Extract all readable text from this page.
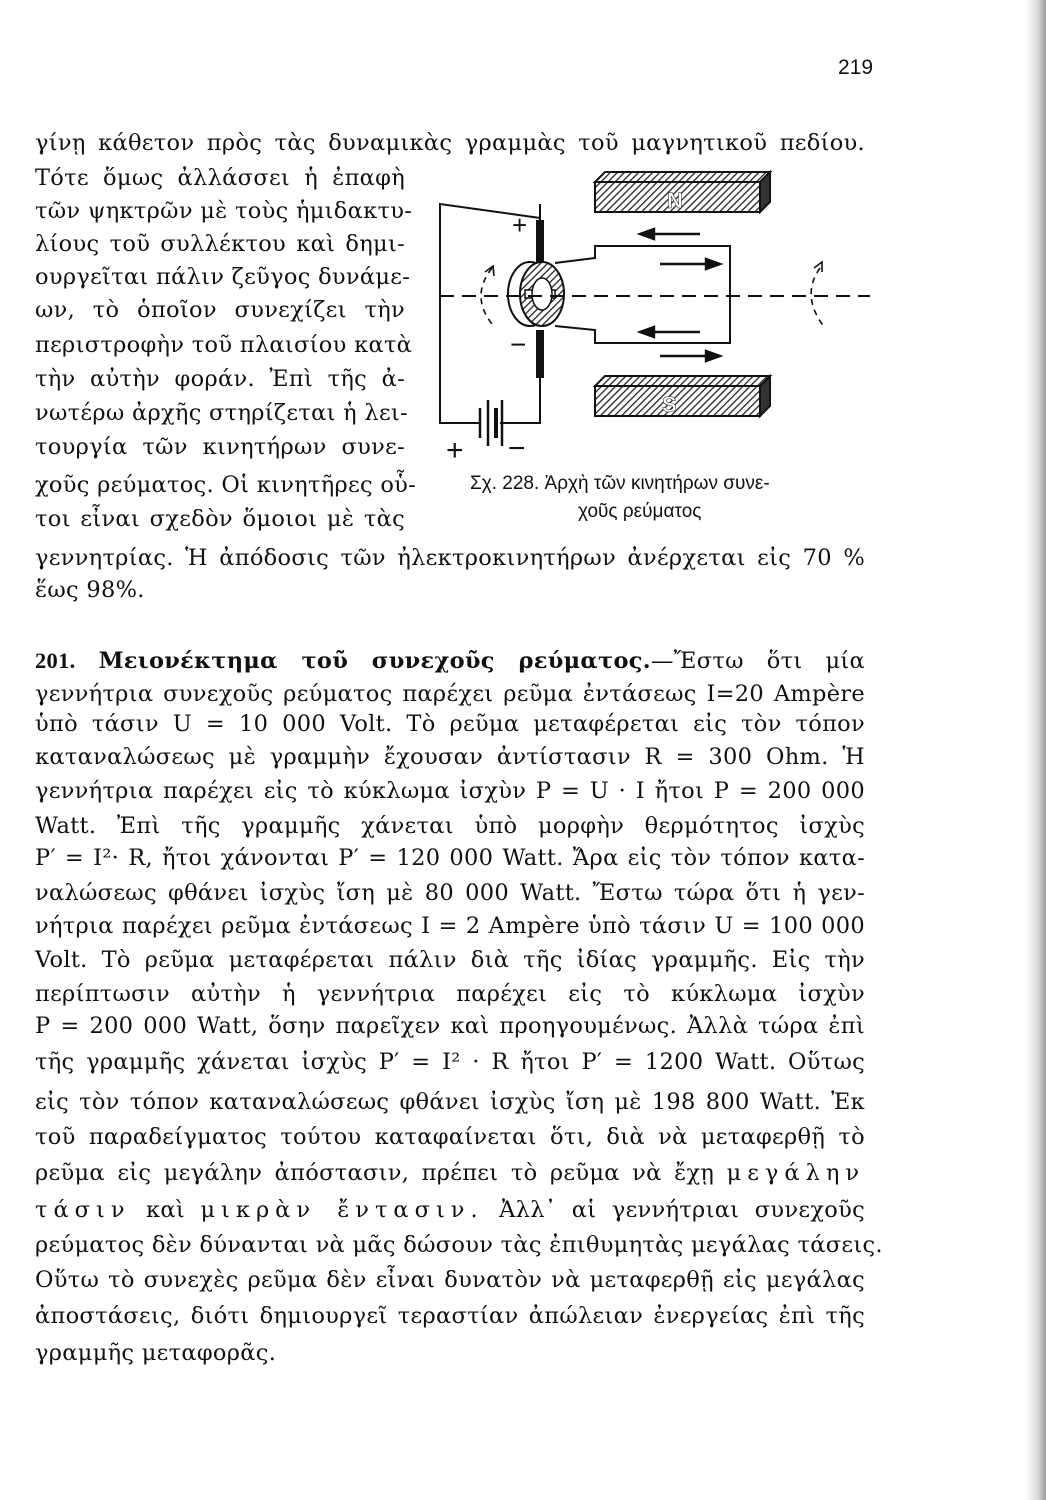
219
γίνῃ κάθετον πρὸς τὰς δυναμικὰς γραμμὰς τοῦ μαγνητικοῦ πεδίου.
Τότε ὅμως ἀλλάσσει ἡ ἐπαφὴ
τῶν ψηκτρῶν μὲ τοὺς ἡμιδακτυ-
λίους τοῦ συλλέκτου καὶ δημι-
ουργεῖται πάλιν ζεῦγος δυνάμε-
ων, τὸ ὁποῖον συνεχίζει τὴν
περιστροφὴν τοῦ πλαισίου κατὰ
τὴν αὐτὴν φοράν. Ἐπὶ τῆς ἀ-
νωτέρω ἀρχῆς στηρίζεται ἡ λει-
τουργία τῶν κινητήρων συνε-
χοῦς ρεύματος. Οἱ κινητῆρες οὗ-
τοι εἶναι σχεδὸν ὅμοιοι μὲ τὰς
N
S
+
−
+ −
Σχ. 228. Ἀρχὴ τῶν κινητήρων συνε-
χοῦς ρεύματος
γεννητρίας. Ἡ ἀπόδοσις τῶν ἠλεκτροκινητήρων ἀνέρχεται εἰς 70 %
ἕως 98%.
201. Μειονέκτημα τοῦ συνεχοῦς ρεύματος.—Ἔστω ὅτι μία
γεννήτρια συνεχοῦς ρεύματος παρέχει ρεῦμα ἐντάσεως I=20 Ampère
ὑπὸ τάσιν U = 10 000 Volt. Τὸ ρεῦμα μεταφέρεται εἰς τὸν τόπον
καταναλώσεως μὲ γραμμὴν ἔχουσαν ἀντίστασιν R = 300 Ohm. Ἡ
γεννήτρια παρέχει εἰς τὸ κύκλωμα ἰσχὺν P = U · I ἤτοι P = 200 000
Watt. Ἐπὶ τῆς γραμμῆς χάνεται ὑπὸ μορφὴν θερμότητος ἰσχὺς
P′ = I²· R, ἤτοι χάνονται P′ = 120 000 Watt. Ἄρα εἰς τὸν τόπον κατα-
ναλώσεως φθάνει ἰσχὺς ἴση μὲ 80 000 Watt. Ἔστω τώρα ὅτι ἡ γεν-
νήτρια παρέχει ρεῦμα ἐντάσεως I = 2 Ampère ὑπὸ τάσιν U = 100 000
Volt. Τὸ ρεῦμα μεταφέρεται πάλιν διὰ τῆς ἰδίας γραμμῆς. Εἰς τὴν
περίπτωσιν αὐτὴν ἡ γεννήτρια παρέχει εἰς τὸ κύκλωμα ἰσχὺν
P = 200 000 Watt, ὅσην παρεῖχεν καὶ προηγουμένως. Ἀλλὰ τώρα ἐπὶ
τῆς γραμμῆς χάνεται ἰσχὺς P′ = I² · R ἤτοι P′ = 1200 Watt. Οὕτως
εἰς τὸν τόπον καταναλώσεως φθάνει ἰσχὺς ἴση μὲ 198 800 Watt. Ἐκ
τοῦ παραδείγματος τούτου καταφαίνεται ὅτι, διὰ νὰ μεταφερθῇ τὸ
ρεῦμα εἰς μεγάλην ἀπόστασιν, πρέπει τὸ ρεῦμα νὰ ἔχῃ μεγάλην
τάσιν καὶ μικρὰν ἔντασιν. Ἀλλ᾽ αἱ γεννήτριαι συνεχοῦς
ρεύματος δὲν δύνανται νὰ μᾶς δώσουν τὰς ἐπιθυμητὰς μεγάλας τάσεις.
Οὕτω τὸ συνεχὲς ρεῦμα δὲν εἶναι δυνατὸν νὰ μεταφερθῇ εἰς μεγάλας
ἀποστάσεις, διότι δημιουργεῖ τεραστίαν ἀπώλειαν ἐνεργείας ἐπὶ τῆς
γραμμῆς μεταφορᾶς.
